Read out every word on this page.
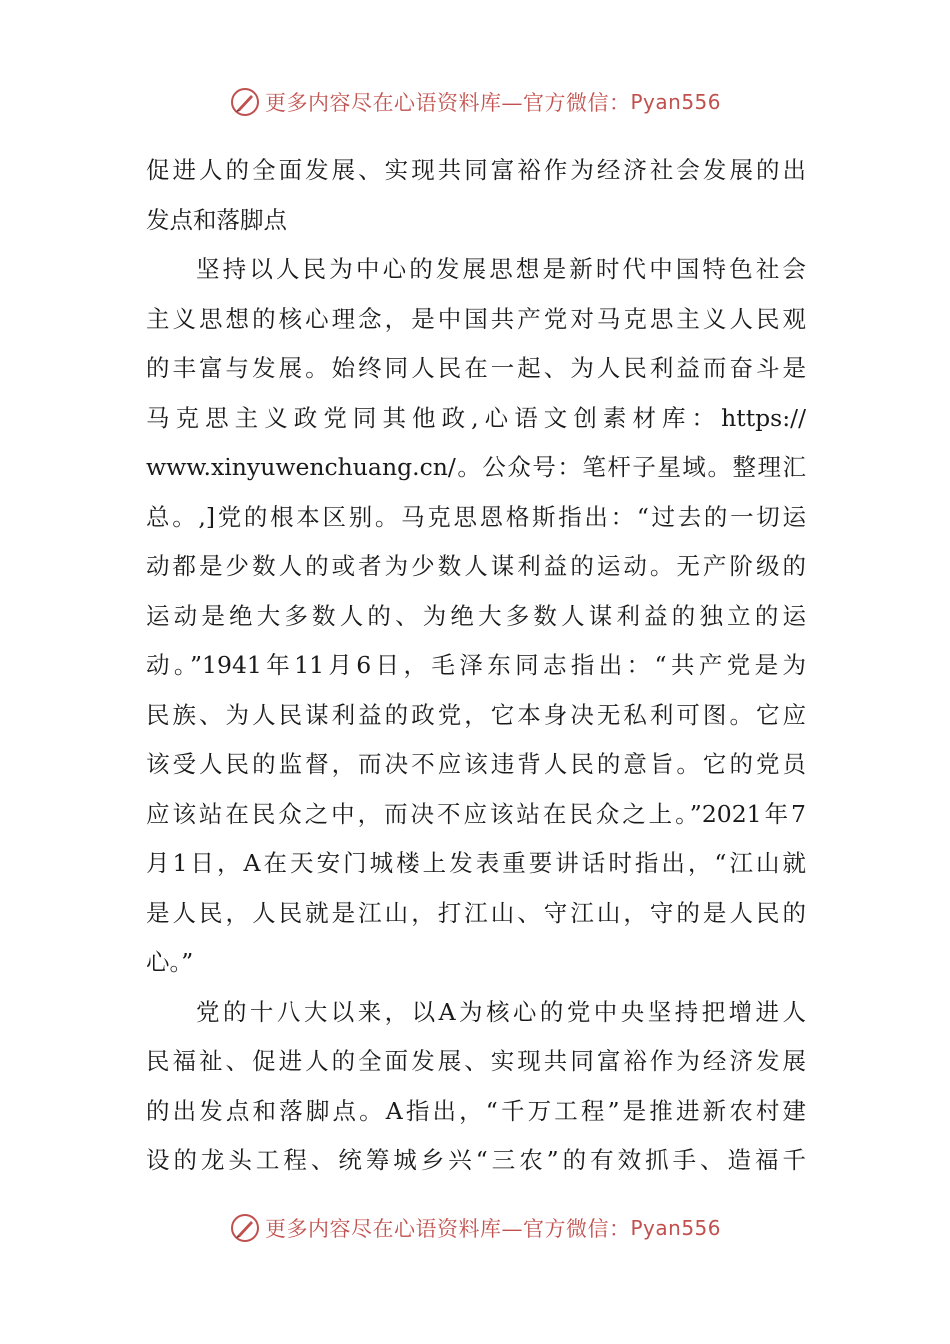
更多内容尽在心语资料库—官方微信： Pyan556
促进人的全面发展、实现共同富裕作为经济社会发展的出
发点和落脚点
坚持以人民为中心的发展思想是新时代中国特色社会
主义思想的核心理念，是中国共产党对马克思主义人民观
的丰富与发展。始终同人民在一起、为人民利益而奋斗是
马克思主义政党同其他政,心语文创素材库：https://
www.xinyuwenchuang.cn/。公众号：笔杆子星域。整理汇
总。,]党的根本区别。马克思恩格斯指出：“过去的一切运
动都是少数人的或者为少数人谋利益的运动。无产阶级的
运动是绝大多数人的、为绝大多数人谋利益的独立的运
动。”1941年11月6日，毛泽东同志指出：“共产党是为
民族、为人民谋利益的政党，它本身决无私利可图。它应
该受人民的监督，而决不应该违背人民的意旨。它的党员
应该站在民众之中，而决不应该站在民众之上。”2021年7
月1日，A在天安门城楼上发表重要讲话时指出，“江山就
是人民，人民就是江山，打江山、守江山，守的是人民的
心。”
党的十八大以来，以A为核心的党中央坚持把增进人
民福祉、促进人的全面发展、实现共同富裕作为经济发展
的出发点和落脚点。A指出，“千万工程”是推进新农村建
设的龙头工程、统筹城乡兴“三农”的有效抓手、造福千
更多内容尽在心语资料库—官方微信： Pyan556
